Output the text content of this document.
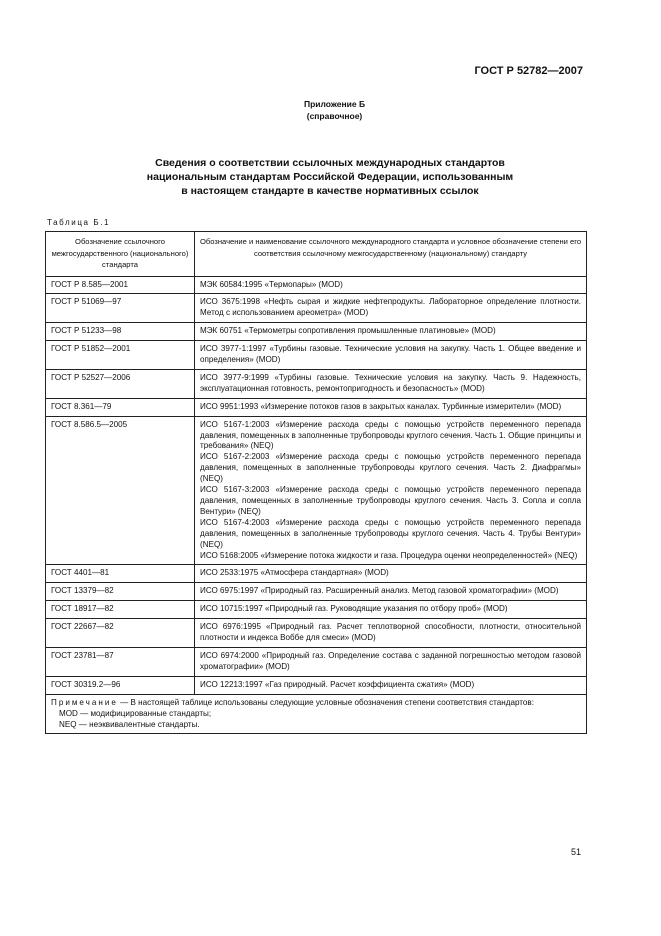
ГОСТ Р 52782—2007
Приложение Б
(справочное)
Сведения о соответствии ссылочных международных стандартов
национальным стандартам Российской Федерации, использованным
в настоящем стандарте в качестве нормативных ссылок
Таблица Б.1
Обозначение ссылочного межгосударственного (национального) стандарта	Обозначение и наименование ссылочного международного стандарта и условное обозначение степени его соответствия ссылочному межгосударственному (национальному) стандарту
ГОСТ Р 8.585—2001	МЭК 60584:1995 «Термопары» (MOD)

ГОСТ Р 51069—97	ИСО 3675:1998 «Нефть сырая и жидкие нефтепродукты. Лабораторное определение плотности. Метод с использованием ареометра» (MOD)

ГОСТ Р 51233—98	МЭК 60751 «Термометры сопротивления промышленные платиновые» (MOD)

ГОСТ Р 51852—2001	ИСО 3977-1:1997 «Турбины газовые. Технические условия на закупку. Часть 1. Общее введение и определения» (MOD)

ГОСТ Р 52527—2006	ИСО 3977-9:1999 «Турбины газовые. Технические условия на закупку. Часть 9. Надежность, эксплуатационная готовность, ремонтопригодность и безопасность» (MOD)

ГОСТ 8.361—79	ИСО 9951:1993 «Измерение потоков газов в закрытых каналах. Турбинные измерители» (MOD)

ГОСТ 8.586.5—2005	ИСО 5167-1:2003 «Измерение расхода среды с помощью устройств переменного перепада давления, помещенных в заполненные трубопроводы круглого сечения. Часть 1. Общие принципы и требования» (NEQ)
ИСО 5167-2:2003 «Измерение расхода среды с помощью устройств переменного перепада давления, помещенных в заполненные трубопроводы круглого сечения. Часть 2. Диафрагмы» (NEQ)
ИСО 5167-3:2003 «Измерение расхода среды с помощью устройств переменного перепада давления, помещенных в заполненные трубопроводы круглого сечения. Часть 3. Сопла и сопла Вентури» (NEQ)
ИСО 5167-4:2003 «Измерение расхода среды с помощью устройств переменного перепада давления, помещенных в заполненные трубопроводы круглого сечения. Часть 4. Трубы Вентури» (NEQ)
ИСО 5168:2005 «Измерение потока жидкости и газа. Процедура оценки неопределенностей» (NEQ)

ГОСТ 4401—81	ИСО 2533:1975 «Атмосфера стандартная» (MOD)

ГОСТ 13379—82	ИСО 6975:1997 «Природный газ. Расширенный анализ. Метод газовой хроматографии» (MOD)

ГОСТ 18917—82	ИСО 10715:1997 «Природный газ. Руководящие указания по отбору проб» (MOD)

ГОСТ 22667—82	ИСО 6976:1995 «Природный газ. Расчет теплотворной способности, плотности, относительной плотности и индекса Воббе для смеси» (MOD)

ГОСТ 23781—87	ИСО 6974:2000 «Природный газ. Определение состава с заданной погрешностью методом газовой хроматографии» (MOD)

ГОСТ 30319.2—96	ИСО 12213:1997 «Газ природный. Расчет коэффициента сжатия» (MOD)

Примечание — В настоящей таблице использованы следующие условные обозначения степени соответствия стандартов:
MOD — модифицированные стандарты;
NEQ — неэквивалентные стандарты.	
51
